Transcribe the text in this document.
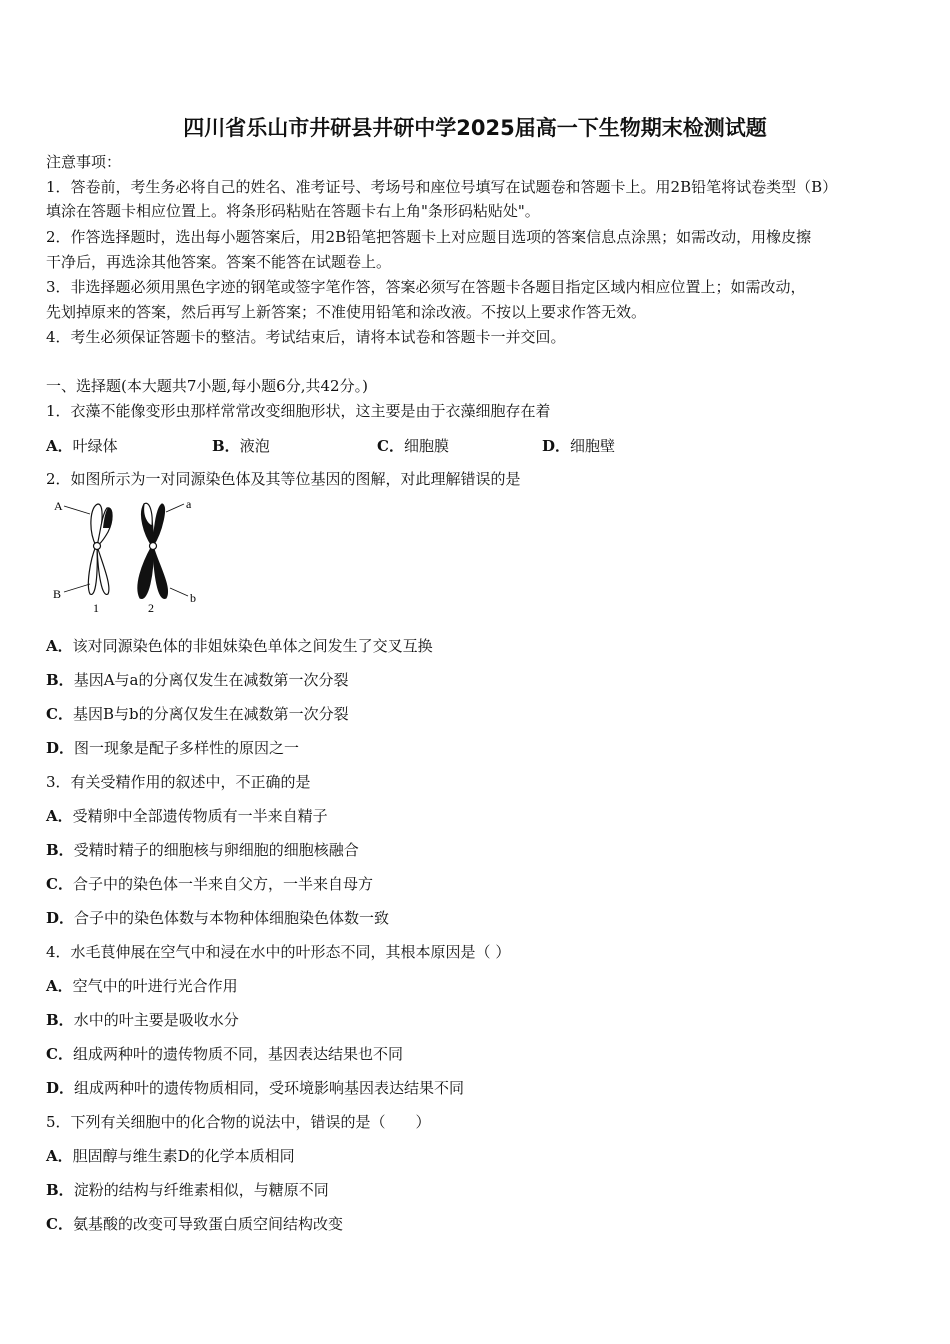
四川省乐山市井研县井研中学2025届高一下生物期末检测试题
注意事项：
1．答卷前，考生务必将自己的姓名、准考证号、考场号和座位号填写在试题卷和答题卡上。用2B铅笔将试卷类型（B）
填涂在答题卡相应位置上。将条形码粘贴在答题卡右上角"条形码粘贴处"。
2．作答选择题时，选出每小题答案后，用2B铅笔把答题卡上对应题目选项的答案信息点涂黑；如需改动，用橡皮擦
干净后，再选涂其他答案。答案不能答在试题卷上。
3．非选择题必须用黑色字迹的钢笔或签字笔作答，答案必须写在答题卡各题目指定区域内相应位置上；如需改动，
先划掉原来的答案，然后再写上新答案；不准使用铅笔和涂改液。不按以上要求作答无效。
4．考生必须保证答题卡的整洁。考试结束后，请将本试卷和答题卡一并交回。
一、选择题(本大题共7小题,每小题6分,共42分。)
1．衣藻不能像变形虫那样常常改变细胞形状，这主要是由于衣藻细胞存在着
A．叶绿体	B．液泡	C．细胞膜	D．细胞壁
2．如图所示为一对同源染色体及其等位基因的图解，对此理解错误的是
A	a
B	b
1	2
A．该对同源染色体的非姐妹染色单体之间发生了交叉互换
B．基因A与a的分离仅发生在减数第一次分裂
C．基因B与b的分离仅发生在减数第一次分裂
D．图一现象是配子多样性的原因之一
3．有关受精作用的叙述中，不正确的是
A．受精卵中全部遗传物质有一半来自精子
B．受精时精子的细胞核与卵细胞的细胞核融合
C．合子中的染色体一半来自父方，一半来自母方
D．合子中的染色体数与本物种体细胞染色体数一致
4．水毛茛伸展在空气中和浸在水中的叶形态不同，其根本原因是（ ）
A．空气中的叶进行光合作用
B．水中的叶主要是吸收水分
C．组成两种叶的遗传物质不同，基因表达结果也不同
D．组成两种叶的遗传物质相同，受环境影响基因表达结果不同
5．下列有关细胞中的化合物的说法中，错误的是（　　）
A．胆固醇与维生素D的化学本质相同
B．淀粉的结构与纤维素相似，与糖原不同
C．氨基酸的改变可导致蛋白质空间结构改变
